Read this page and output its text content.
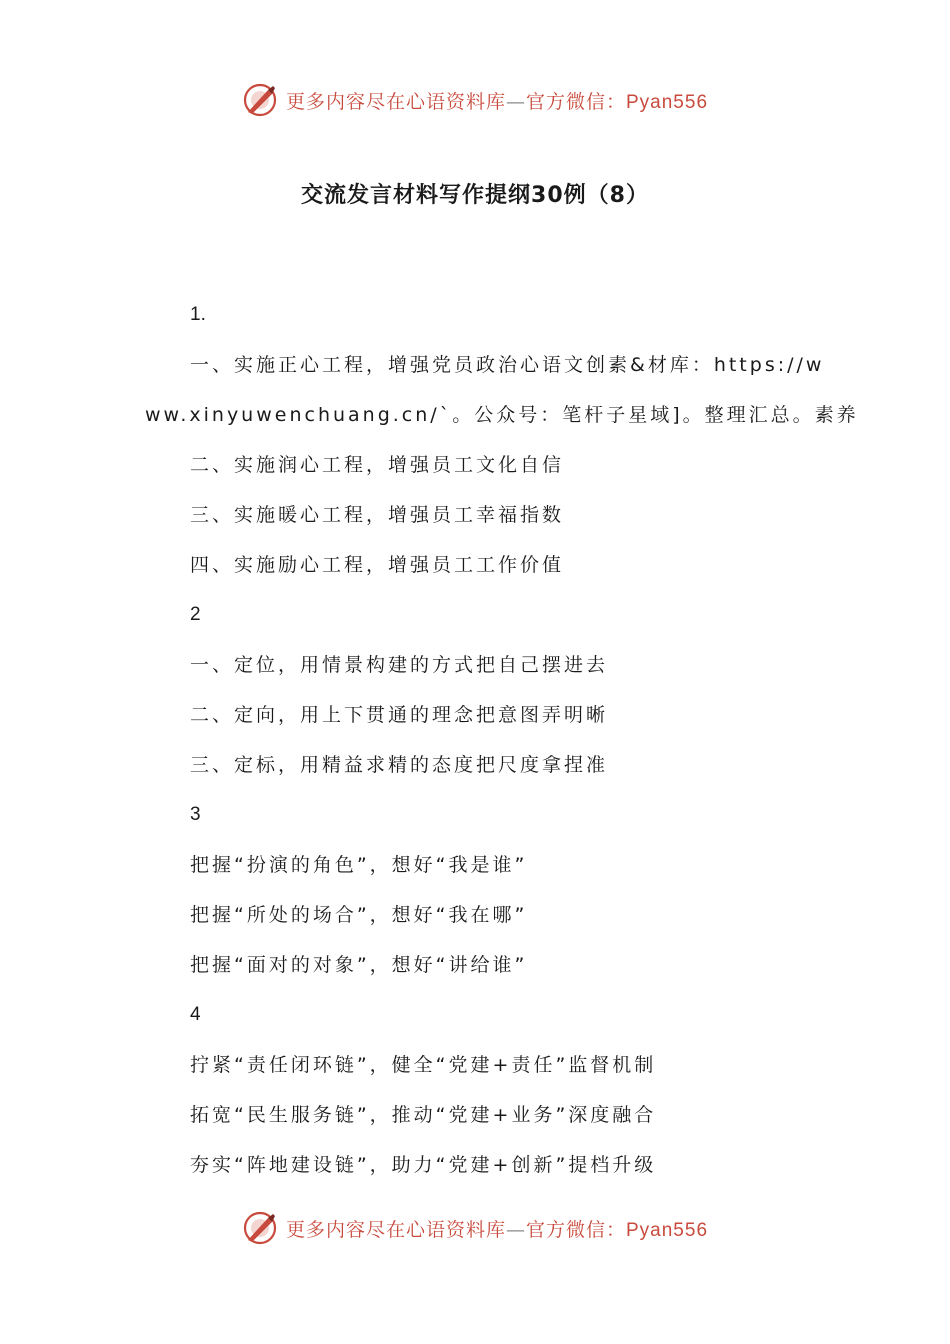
更多内容尽在心语资料库—官方微信：Pyan556
交流发言材料写作提纲30例（8）
1.
一、实施正心工程，增强党员政治心语文创素&材库：https://w
ww.xinyuwenchuang.cn/`。公众号：笔杆子星域]。整理汇总。素养
二、实施润心工程，增强员工文化自信
三、实施暖心工程，增强员工幸福指数
四、实施励心工程，增强员工工作价值
2
一、定位，用情景构建的方式把自己摆进去
二、定向，用上下贯通的理念把意图弄明晰
三、定标，用精益求精的态度把尺度拿捏准
3
把握“扮演的角色”，想好“我是谁”
把握“所处的场合”，想好“我在哪”
把握“面对的对象”，想好“讲给谁”
4
拧紧“责任闭环链”，健全“党建+责任”监督机制
拓宽“民生服务链”，推动“党建+业务”深度融合
夯实“阵地建设链”，助力“党建+创新”提档升级
更多内容尽在心语资料库—官方微信：Pyan556
